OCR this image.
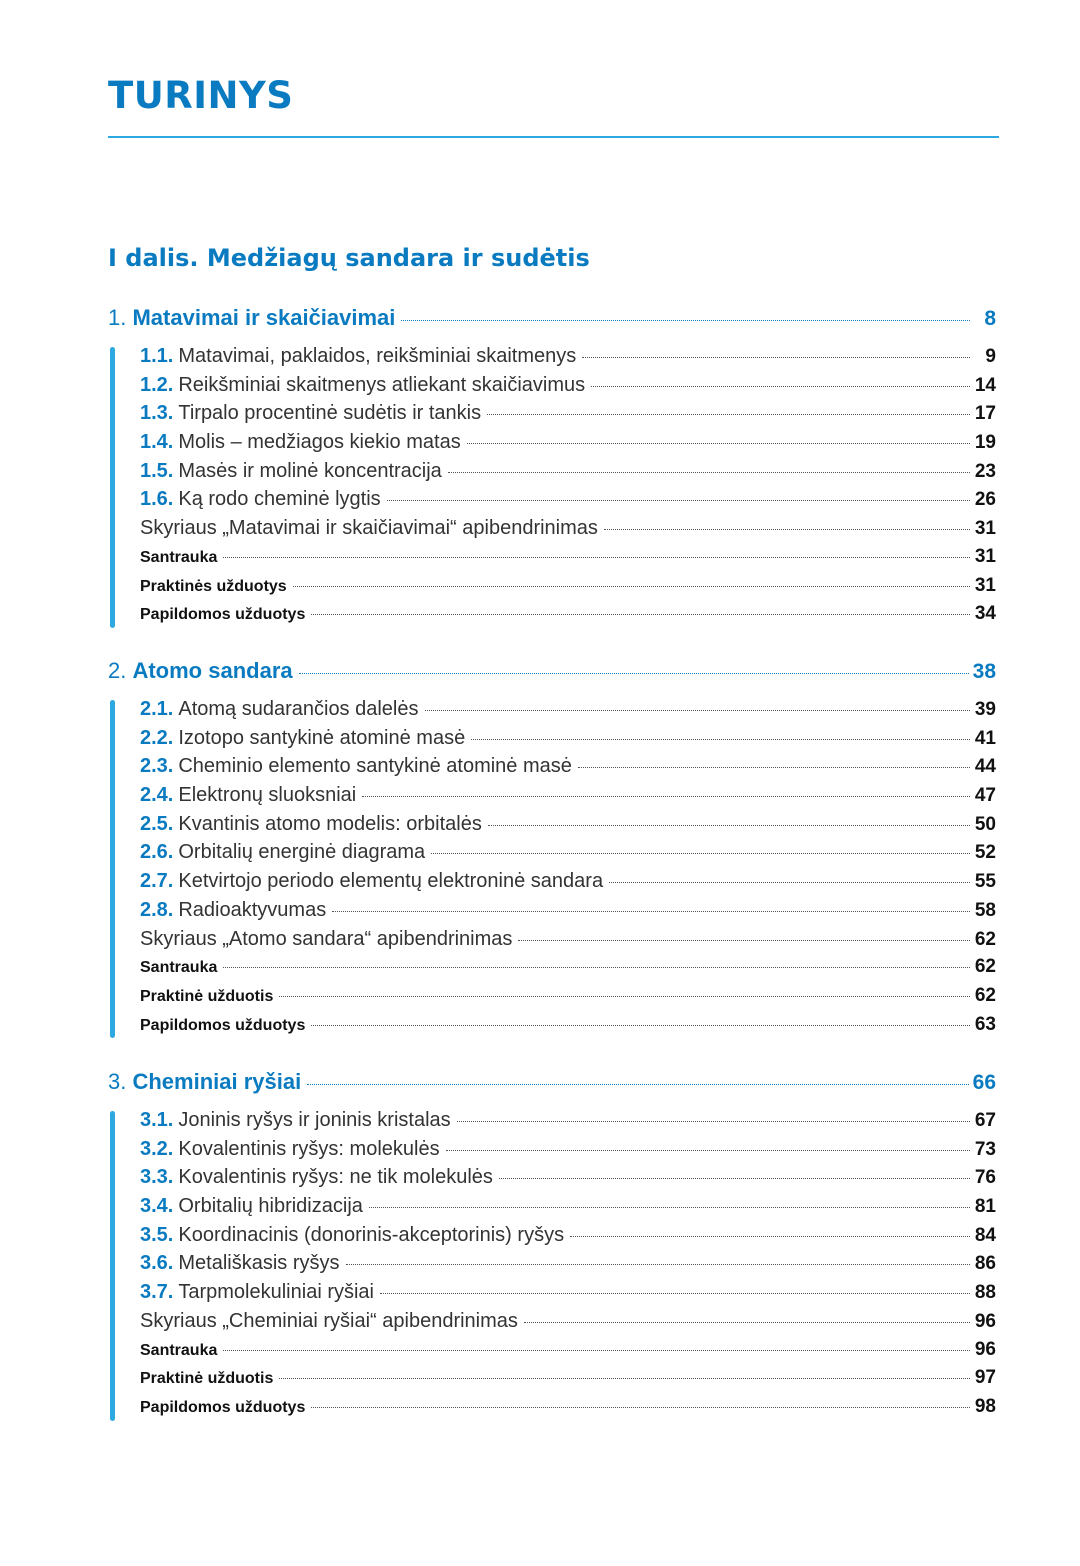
TURINYS
I dalis. Medžiagų sandara ir sudėtis
1. Matavimai ir skaičiavimai	8
1.1. Matavimai, paklaidos, reikšminiai skaitmenys	9
1.2. Reikšminiai skaitmenys atliekant skaičiavimus	14
1.3. Tirpalo procentinė sudėtis ir tankis	17
1.4. Molis – medžiagos kiekio matas	19
1.5. Masės ir molinė koncentracija	23
1.6. Ką rodo cheminė lygtis	26
Skyriaus „Matavimai ir skaičiavimai“ apibendrinimas	31
Santrauka	31
Praktinės užduotys	31
Papildomos užduotys	34
2. Atomo sandara	38
2.1. Atomą sudarančios dalelės	39
2.2. Izotopo santykinė atominė masė	41
2.3. Cheminio elemento santykinė atominė masė	44
2.4. Elektronų sluoksniai	47
2.5. Kvantinis atomo modelis: orbitalės	50
2.6. Orbitalių energinė diagrama	52
2.7. Ketvirtojo periodo elementų elektroninė sandara	55
2.8. Radioaktyvumas	58
Skyriaus „Atomo sandara“ apibendrinimas	62
Santrauka	62
Praktinė užduotis	62
Papildomos užduotys	63
3. Cheminiai ryšiai	66
3.1. Joninis ryšys ir joninis kristalas	67
3.2. Kovalentinis ryšys: molekulės	73
3.3. Kovalentinis ryšys: ne tik molekulės	76
3.4. Orbitalių hibridizacija	81
3.5. Koordinacinis (donorinis-akceptorinis) ryšys	84
3.6. Metališkasis ryšys	86
3.7. Tarpmolekuliniai ryšiai	88
Skyriaus „Cheminiai ryšiai“ apibendrinimas	96
Santrauka	96
Praktinė užduotis	97
Papildomos užduotys	98
